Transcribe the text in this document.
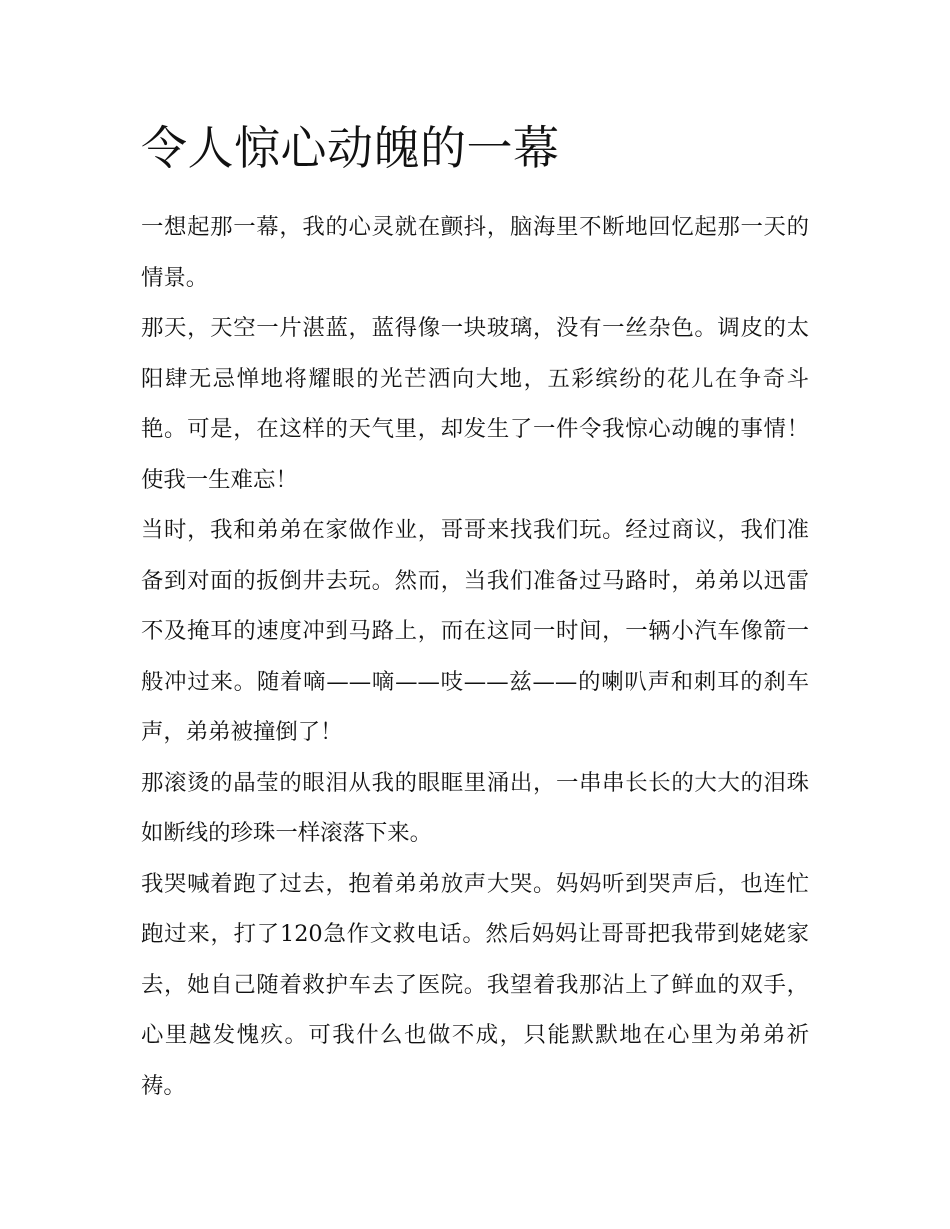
令人惊心动魄的一幕

一想起那一幕，我的心灵就在颤抖，脑海里不断地回忆起那一天的情景。

那天，天空一片湛蓝，蓝得像一块玻璃，没有一丝杂色。调皮的太阳肆无忌惮地将耀眼的光芒洒向大地，五彩缤纷的花儿在争奇斗艳。可是，在这样的天气里，却发生了一件令我惊心动魄的事情！使我一生难忘！

当时，我和弟弟在家做作业，哥哥来找我们玩。经过商议，我们准备到对面的扳倒井去玩。然而，当我们准备过马路时，弟弟以迅雷不及掩耳的速度冲到马路上，而在这同一时间，一辆小汽车像箭一般冲过来。随着嘀——嘀——吱——兹——的喇叭声和刺耳的刹车声，弟弟被撞倒了！

那滚烫的晶莹的眼泪从我的眼眶里涌出，一串串长长的大大的泪珠如断线的珍珠一样滚落下来。

我哭喊着跑了过去，抱着弟弟放声大哭。妈妈听到哭声后，也连忙跑过来，打了120急作文救电话。然后妈妈让哥哥把我带到姥姥家去，她自己随着救护车去了医院。我望着我那沾上了鲜血的双手，心里越发愧疚。可我什么也做不成，只能默默地在心里为弟弟祈祷。
